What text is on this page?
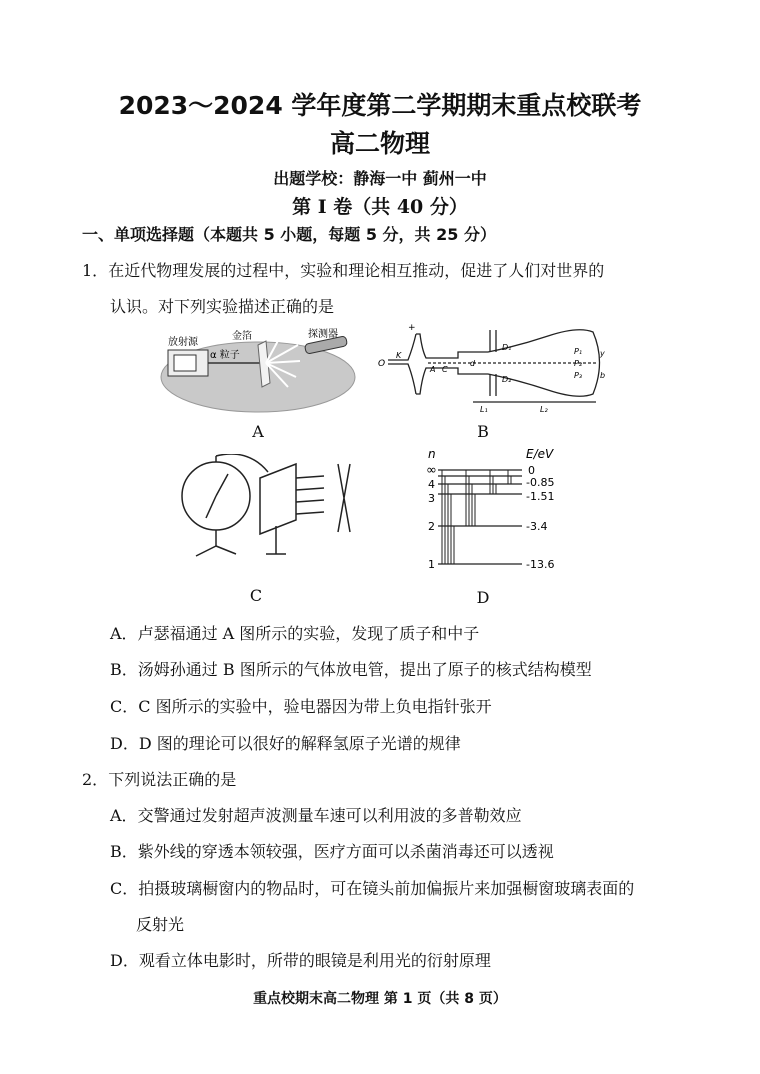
2023～2024 学年度第二学期期末重点校联考
高二物理
出题学校：静海一中 蓟州一中
第 I 卷（共 40 分）
一、单项选择题（本题共 5 小题，每题 5 分，共 25 分）
1．在近代物理发展的过程中，实验和理论相互推动，促进了人们对世界的
认识。对下列实验描述正确的是
放射源
α 粒子
金箔	探测器
A
+
O
K
A C
d
D₁
D₂
P₁
P₂
P₃
y
b
L₁	L₂
B
C
n	E/eV
∞
4
3
2
1
0
-0.85
-1.51
-3.4
-13.6
D
A．卢瑟福通过 A 图所示的实验，发现了质子和中子
B．汤姆孙通过 B 图所示的气体放电管，提出了原子的核式结构模型
C．C 图所示的实验中，验电器因为带上负电指针张开
D．D 图的理论可以很好的解释氢原子光谱的规律
2．下列说法正确的是
A．交警通过发射超声波测量车速可以利用波的多普勒效应
B．紫外线的穿透本领较强，医疗方面可以杀菌消毒还可以透视
C．拍摄玻璃橱窗内的物品时，可在镜头前加偏振片来加强橱窗玻璃表面的
反射光
D．观看立体电影时，所带的眼镜是利用光的衍射原理
重点校期末高二物理 第 1 页（共 8 页）
